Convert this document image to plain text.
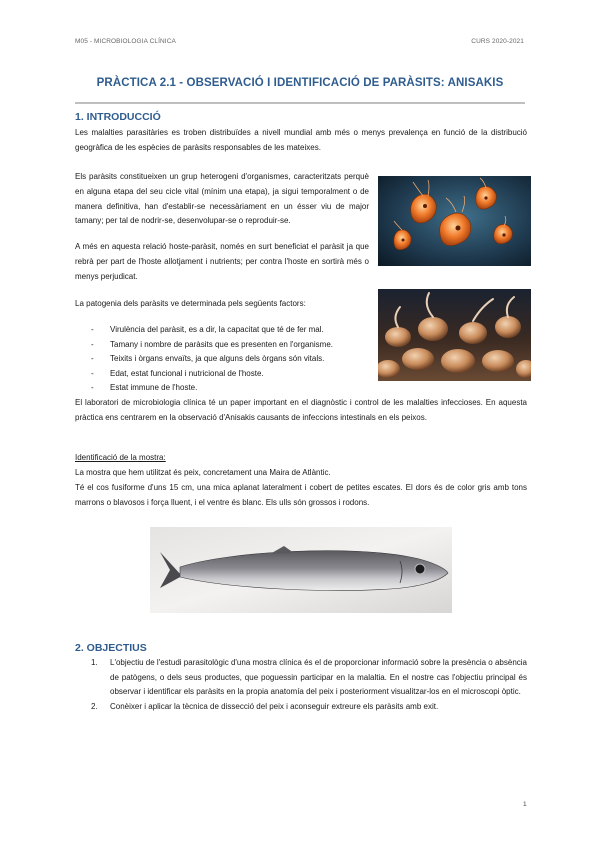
M05 - MICROBIOLOGIA CLÍNICA	CURS 2020-2021
PRÀCTICA 2.1 - OBSERVACIÓ I IDENTIFICACIÓ DE PARÀSITS: ANISAKIS
1. INTRODUCCIÓ
Les malalties parasitàries es troben distribuïdes a nivell mundial amb més o menys prevalença en funció de la distribució geogràfica de les espècies de paràsits responsables de les mateixes.
Els paràsits constitueixen un grup heterogeni d'organismes, caracteritzats perquè en alguna etapa del seu cicle vital (mínim una etapa), ja sigui temporalment o de manera definitiva, han d'establir-se necessàriament en un ésser viu de major tamany; per tal de nodrir-se, desenvolupar-se o reproduir-se.
A més en aquesta relació hoste-paràsit, només en surt beneficiat el paràsit ja que rebrà per part de l'hoste allotjament i nutrients; per contra l'hoste en sortirà més o menys perjudicat.
La patogenia dels paràsits ve determinada pels següents factors:
- Virulència del paràsit, es a dir, la capacitat que té de fer mal.
- Tamany i nombre de paràsits que es presenten en l'organisme.
- Teixits i òrgans envaïts, ja que alguns dels òrgans són vitals.
- Edat, estat funcional i nutricional de l'hoste.
- Estat immune de l'hoste.
El laboratori de microbiologia clínica té un paper important en el diagnòstic i control de les malalties infeccioses. En aquesta pràctica ens centrarem en la observació d'Anisakis causants de infeccions intestinals en els peixos.
Identificació de la mostra:
La mostra que hem utilitzat és peix, concretament una Maira de Atlàntic.
Té el cos fusiforme d'uns 15 cm, una mica aplanat lateralment i cobert de petites escates. El dors és de color gris amb tons marrons o blavosos i força lluent, i el ventre és blanc. Els ulls són grossos i rodons.
2. OBJECTIUS
1. L'objectiu de l'estudi parasitològic d'una mostra clínica és el de proporcionar informació sobre la presència o absència de patògens, o dels seus productes, que poguessin participar en la malaltia. En el nostre cas l'objectiu principal és observar i identificar els paràsits en la propia anatomía del peix i posteriorment visualitzar-los en el microscopi òptic.
2. Conèixer i aplicar la tècnica de dissecció del peix i aconseguir extreure els paràsits amb exit.
1
